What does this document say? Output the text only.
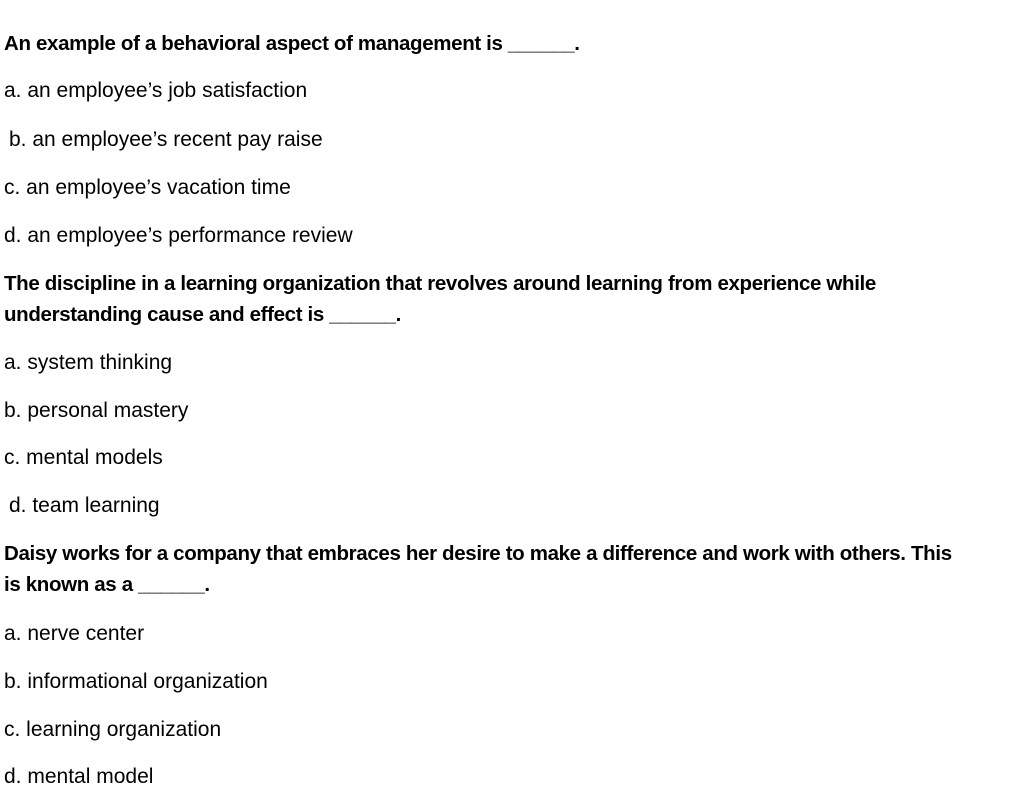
An example of a behavioral aspect of management is ______.

a. an employee’s job satisfaction

b. an employee’s recent pay raise

c. an employee’s vacation time

d. an employee’s performance review

The discipline in a learning organization that revolves around learning from experience while

understanding cause and effect is ______.

a. system thinking

b. personal mastery

c. mental models

d. team learning

Daisy works for a company that embraces her desire to make a difference and work with others. This

is known as a ______.

a. nerve center

b. informational organization

c. learning organization

d. mental model
